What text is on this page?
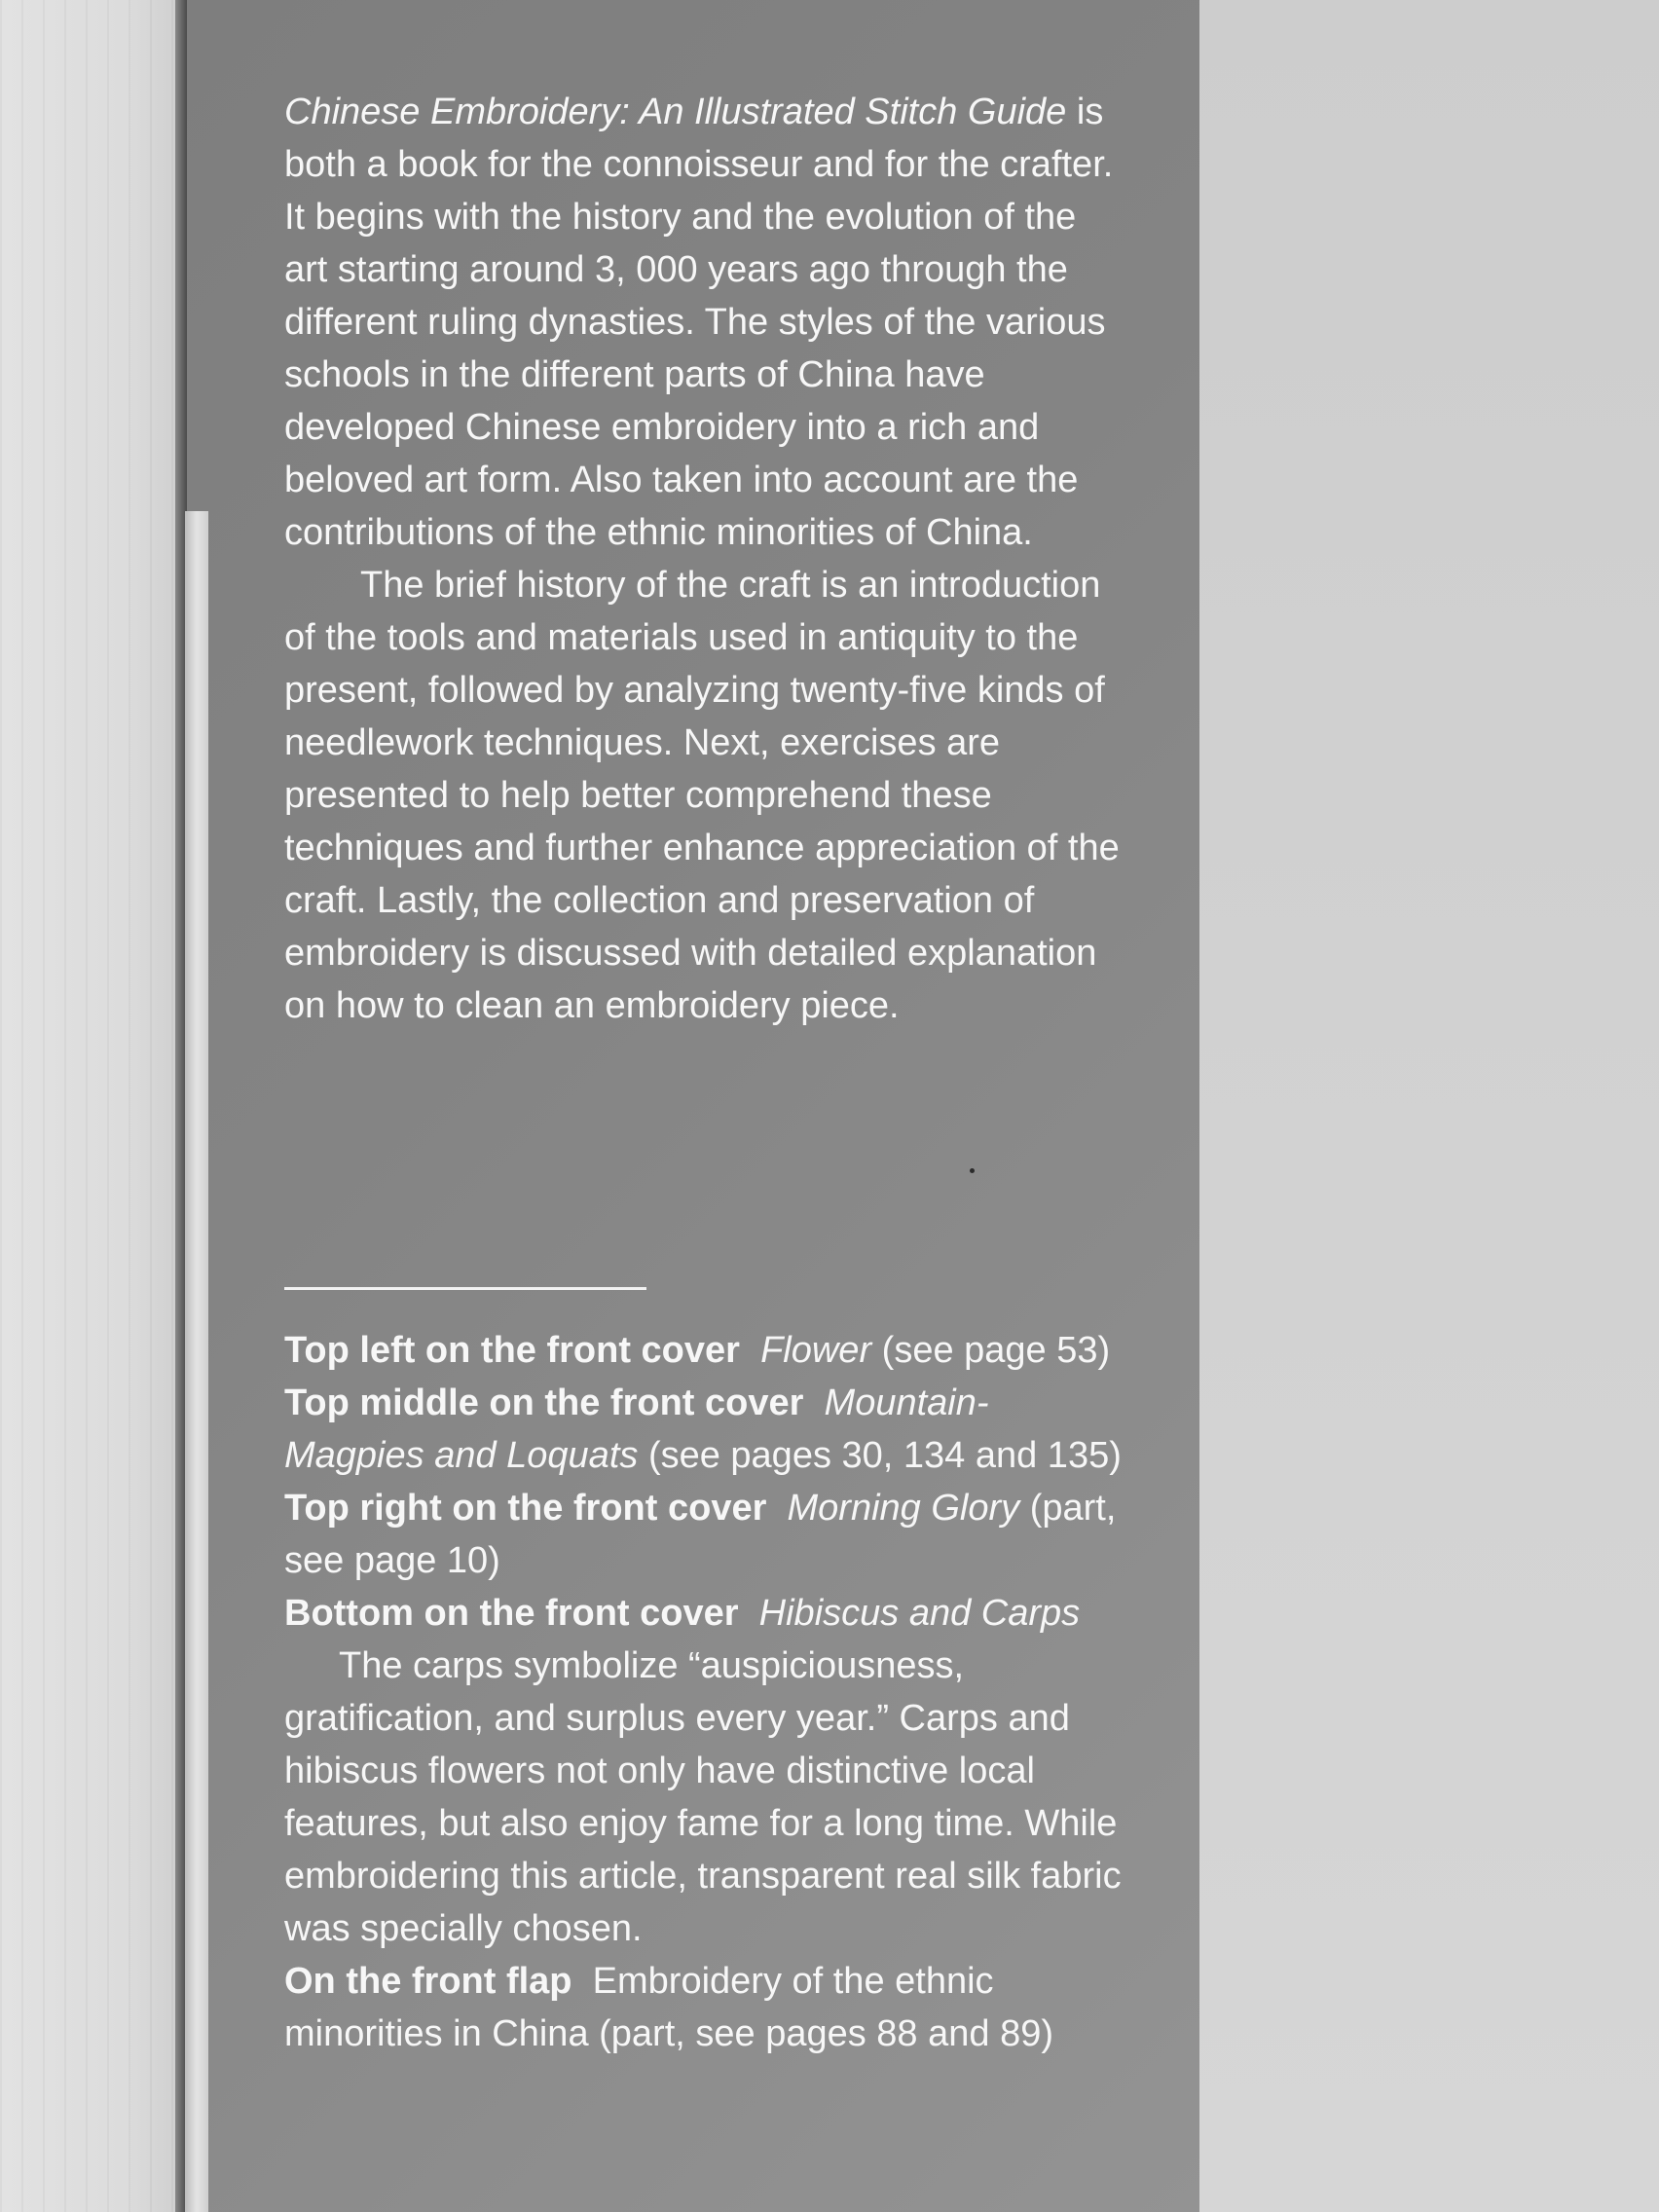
Chinese Embroidery: An Illustrated Stitch Guide is both a book for the connoisseur and for the crafter. It begins with the history and the evolution of the art starting around 3, 000 years ago through the different ruling dynasties. The styles of the various schools in the different parts of China have developed Chinese embroidery into a rich and beloved art form. Also taken into account are the contributions of the ethnic minorities of China.

The brief history of the craft is an introduction of the tools and materials used in antiquity to the present, followed by analyzing twenty-five kinds of needlework techniques. Next, exercises are presented to help better comprehend these techniques and further enhance appreciation of the craft. Lastly, the collection and preservation of embroidery is discussed with detailed explanation on how to clean an embroidery piece.

Top left on the front cover Flower (see page 53)

Top middle on the front cover Mountain-Magpies and Loquats (see pages 30, 134 and 135)

Top right on the front cover Morning Glory (part, see page 10)

Bottom on the front cover Hibiscus and Carps

The carps symbolize “auspiciousness, gratification, and surplus every year.” Carps and hibiscus flowers not only have distinctive local features, but also enjoy fame for a long time. While embroidering this article, transparent real silk fabric was specially chosen.

On the front flap Embroidery of the ethnic minorities in China (part, see pages 88 and 89)
